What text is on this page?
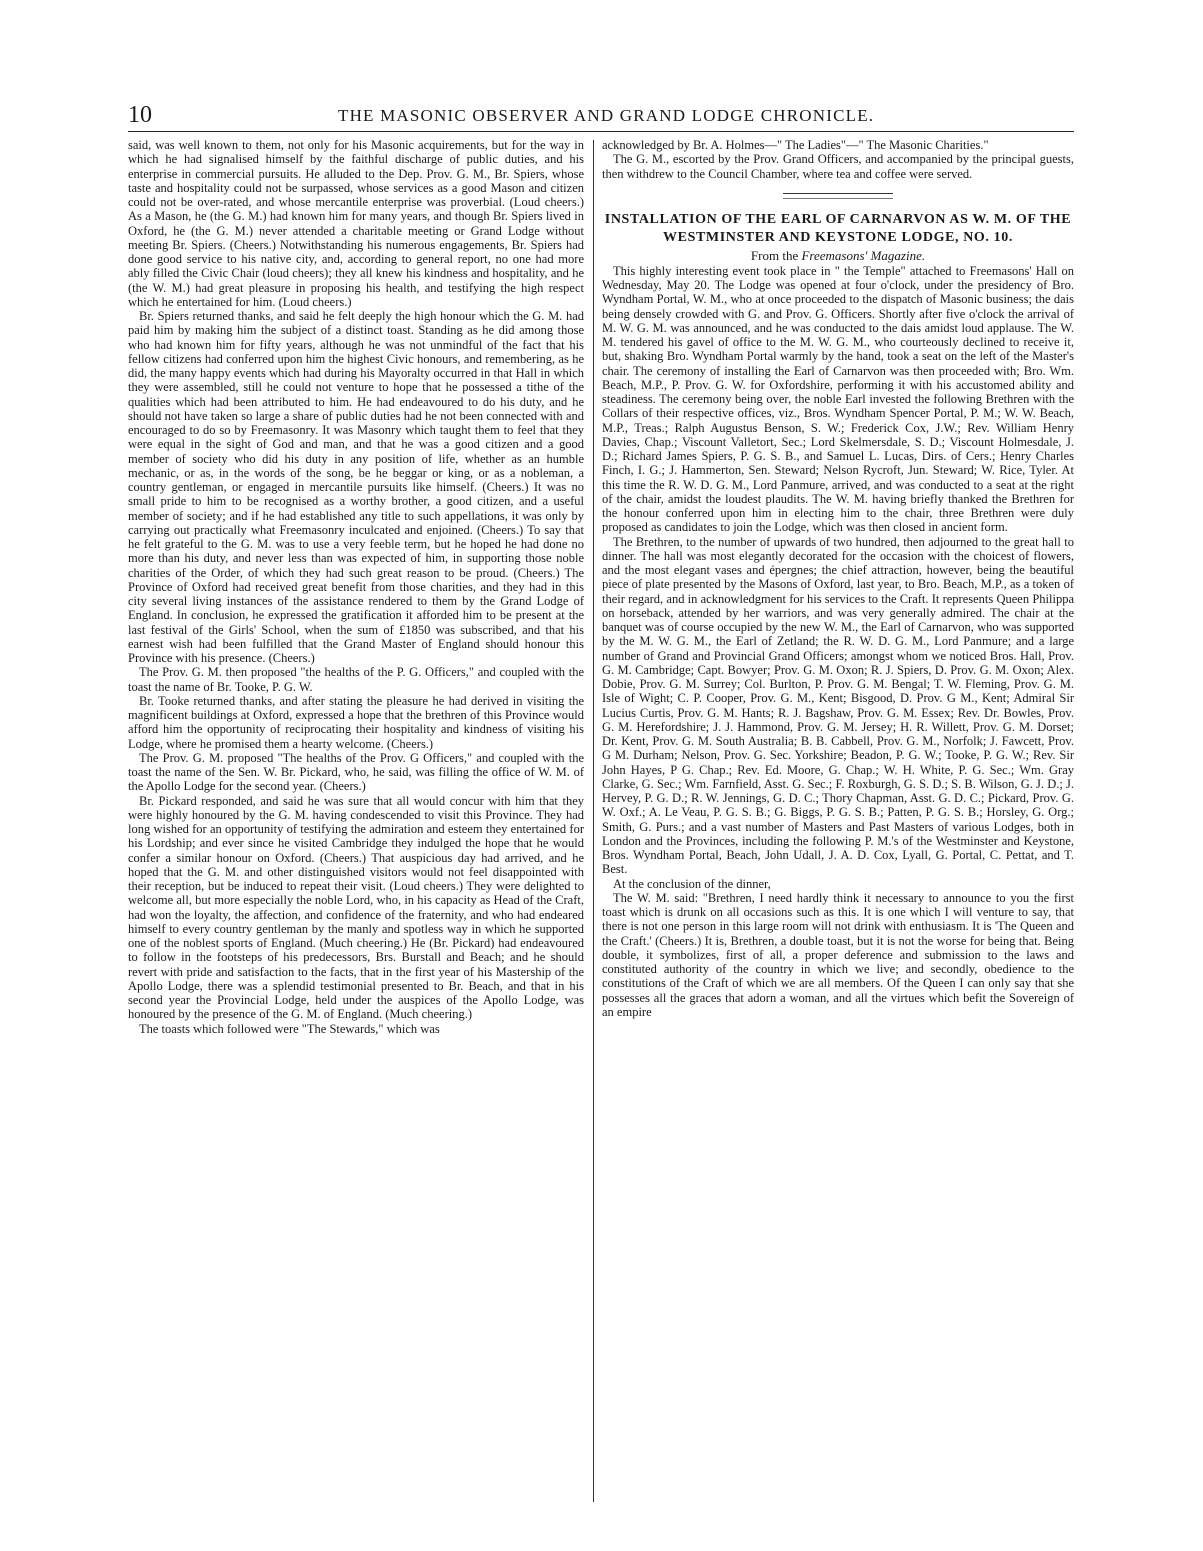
10	THE MASONIC OBSERVER AND GRAND LODGE CHRONICLE.

said, was well known to them, not only for his Masonic acquirements, but for the way in which he had signalised himself by the faithful discharge of public duties, and his enterprise in commercial pursuits. He alluded to the Dep. Prov. G. M., Br. Spiers, whose taste and hospitality could not be surpassed, whose services as a good Mason and citizen could not be over-rated, and whose mercantile enterprise was proverbial. (Loud cheers.) As a Mason, he (the G. M.) had known him for many years, and though Br. Spiers lived in Oxford, he (the G. M.) never attended a charitable meeting or Grand Lodge without meeting Br. Spiers. (Cheers.) Notwithstanding his numerous engagements, Br. Spiers had done good service to his native city, and, according to general report, no one had more ably filled the Civic Chair (loud cheers); they all knew his kindness and hospitality, and he (the W. M.) had great pleasure in proposing his health, and testifying the high respect which he entertained for him. (Loud cheers.)

Br. Spiers returned thanks, and said he felt deeply the high honour which the G. M. had paid him by making him the subject of a distinct toast. Standing as he did among those who had known him for fifty years, although he was not unmindful of the fact that his fellow citizens had conferred upon him the highest Civic honours, and remembering, as he did, the many happy events which had during his Mayoralty occurred in that Hall in which they were assembled, still he could not venture to hope that he possessed a tithe of the qualities which had been attributed to him. He had endeavoured to do his duty, and he should not have taken so large a share of public duties had he not been connected with and encouraged to do so by Freemasonry. It was Masonry which taught them to feel that they were equal in the sight of God and man, and that he was a good citizen and a good member of society who did his duty in any position of life, whether as an humble mechanic, or as, in the words of the song, be he beggar or king, or as a nobleman, a country gentleman, or engaged in mercantile pursuits like himself. (Cheers.) It was no small pride to him to be recognised as a worthy brother, a good citizen, and a useful member of society; and if he had established any title to such appellations, it was only by carrying out practically what Freemasonry inculcated and enjoined. (Cheers.) To say that he felt grateful to the G. M. was to use a very feeble term, but he hoped he had done no more than his duty, and never less than was expected of him, in supporting those noble charities of the Order, of which they had such great reason to be proud. (Cheers.) The Province of Oxford had received great benefit from those charities, and they had in this city several living instances of the assistance rendered to them by the Grand Lodge of England. In conclusion, he expressed the gratification it afforded him to be present at the last festival of the Girls' School, when the sum of £1850 was subscribed, and that his earnest wish had been fulfilled that the Grand Master of England should honour this Province with his presence. (Cheers.)

The Prov. G. M. then proposed "the healths of the P. G. Officers," and coupled with the toast the name of Br. Tooke, P. G. W.

Br. Tooke returned thanks, and after stating the pleasure he had derived in visiting the magnificent buildings at Oxford, expressed a hope that the brethren of this Province would afford him the opportunity of reciprocating their hospitality and kindness of visiting his Lodge, where he promised them a hearty welcome. (Cheers.)

The Prov. G. M. proposed "The healths of the Prov. G Officers," and coupled with the toast the name of the Sen. W. Br. Pickard, who, he said, was filling the office of W. M. of the Apollo Lodge for the second year. (Cheers.)

Br. Pickard responded, and said he was sure that all would concur with him that they were highly honoured by the G. M. having condescended to visit this Province. They had long wished for an opportunity of testifying the admiration and esteem they entertained for his Lordship; and ever since he visited Cambridge they indulged the hope that he would confer a similar honour on Oxford. (Cheers.) That auspicious day had arrived, and he hoped that the G. M. and other distinguished visitors would not feel disappointed with their reception, but be induced to repeat their visit. (Loud cheers.) They were delighted to welcome all, but more especially the noble Lord, who, in his capacity as Head of the Craft, had won the loyalty, the affection, and confidence of the fraternity, and who had endeared himself to every country gentleman by the manly and spotless way in which he supported one of the noblest sports of England. (Much cheering.) He (Br. Pickard) had endeavoured to follow in the footsteps of his predecessors, Brs. Burstall and Beach; and he should revert with pride and satisfaction to the facts, that in the first year of his Mastership of the Apollo Lodge, there was a splendid testimonial presented to Br. Beach, and that in his second year the Provincial Lodge, held under the auspices of the Apollo Lodge, was honoured by the presence of the G. M. of England. (Much cheering.)

The toasts which followed were "The Stewards," which was

acknowledged by Br. A. Holmes—" The Ladies"—" The Masonic Charities."

The G. M., escorted by the Prov. Grand Officers, and accompanied by the principal guests, then withdrew to the Council Chamber, where tea and coffee were served.

INSTALLATION OF THE EARL OF CARNARVON AS W. M. OF THE WESTMINSTER AND KEYSTONE LODGE, NO. 10.

From the Freemasons' Magazine.

This highly interesting event took place in " the Temple" attached to Freemasons' Hall on Wednesday, May 20. The Lodge was opened at four o'clock, under the presidency of Bro. Wyndham Portal, W. M., who at once proceeded to the dispatch of Masonic business; the dais being densely crowded with G. and Prov. G. Officers. Shortly after five o'clock the arrival of M. W. G. M. was announced, and he was conducted to the dais amidst loud applause. The W. M. tendered his gavel of office to the M. W. G. M., who courteously declined to receive it, but, shaking Bro. Wyndham Portal warmly by the hand, took a seat on the left of the Master's chair. The ceremony of installing the Earl of Carnarvon was then proceeded with; Bro. Wm. Beach, M.P., P. Prov. G. W. for Oxfordshire, performing it with his accustomed ability and steadiness. The ceremony being over, the noble Earl invested the following Brethren with the Collars of their respective offices, viz., Bros. Wyndham Spencer Portal, P. M.; W. W. Beach, M.P., Treas.; Ralph Augustus Benson, S. W.; Frederick Cox, J.W.; Rev. William Henry Davies, Chap.; Viscount Valletort, Sec.; Lord Skelmersdale, S. D.; Viscount Holmesdale, J. D.; Richard James Spiers, P. G. S. B., and Samuel L. Lucas, Dirs. of Cers.; Henry Charles Finch, I. G.; J. Hammerton, Sen. Steward; Nelson Rycroft, Jun. Steward; W. Rice, Tyler. At this time the R. W. D. G. M., Lord Panmure, arrived, and was conducted to a seat at the right of the chair, amidst the loudest plaudits. The W. M. having briefly thanked the Brethren for the honour conferred upon him in electing him to the chair, three Brethren were duly proposed as candidates to join the Lodge, which was then closed in ancient form.

The Brethren, to the number of upwards of two hundred, then adjourned to the great hall to dinner. The hall was most elegantly decorated for the occasion with the choicest of flowers, and the most elegant vases and épergnes; the chief attraction, however, being the beautiful piece of plate presented by the Masons of Oxford, last year, to Bro. Beach, M.P., as a token of their regard, and in acknowledgment for his services to the Craft. It represents Queen Philippa on horseback, attended by her warriors, and was very generally admired. The chair at the banquet was of course occupied by the new W. M., the Earl of Carnarvon, who was supported by the M. W. G. M., the Earl of Zetland; the R. W. D. G. M., Lord Panmure; and a large number of Grand and Provincial Grand Officers; amongst whom we noticed Bros. Hall, Prov. G. M. Cambridge; Capt. Bowyer; Prov. G. M. Oxon; R. J. Spiers, D. Prov. G. M. Oxon; Alex. Dobie, Prov. G. M. Surrey; Col. Burlton, P. Prov. G. M. Bengal; T. W. Fleming, Prov. G. M. Isle of Wight; C. P. Cooper, Prov. G. M., Kent; Bisgood, D. Prov. G M., Kent; Admiral Sir Lucius Curtis, Prov. G. M. Hants; R. J. Bagshaw, Prov. G. M. Essex; Rev. Dr. Bowles, Prov. G. M. Herefordshire; J. J. Hammond, Prov. G. M. Jersey; H. R. Willett, Prov. G. M. Dorset; Dr. Kent, Prov. G. M. South Australia; B. B. Cabbell, Prov. G. M., Norfolk; J. Fawcett, Prov. G M. Durham; Nelson, Prov. G. Sec. Yorkshire; Beadon, P. G. W.; Tooke, P. G. W.; Rev. Sir John Hayes, P G. Chap.; Rev. Ed. Moore, G. Chap.; W. H. White, P. G. Sec.; Wm. Gray Clarke, G. Sec.; Wm. Farnfield, Asst. G. Sec.; F. Roxburgh, G. S. D.; S. B. Wilson, G. J. D.; J. Hervey, P. G. D.; R. W. Jennings, G. D. C.; Thory Chapman, Asst. G. D. C.; Pickard, Prov. G. W. Oxf.; A. Le Veau, P. G. S. B.; G. Biggs, P. G. S. B.; Patten, P. G. S. B.; Horsley, G. Org.; Smith, G. Purs.; and a vast number of Masters and Past Masters of various Lodges, both in London and the Provinces, including the following P. M.'s of the Westminster and Keystone, Bros. Wyndham Portal, Beach, John Udall, J. A. D. Cox, Lyall, G. Portal, C. Pettat, and T. Best.

At the conclusion of the dinner,

The W. M. said: "Brethren, I need hardly think it necessary to announce to you the first toast which is drunk on all occasions such as this. It is one which I will venture to say, that there is not one person in this large room will not drink with enthusiasm. It is 'The Queen and the Craft.' (Cheers.) It is, Brethren, a double toast, but it is not the worse for being that. Being double, it symbolizes, first of all, a proper deference and submission to the laws and constituted authority of the country in which we live; and secondly, obedience to the constitutions of the Craft of which we are all members. Of the Queen I can only say that she possesses all the graces that adorn a woman, and all the virtues which befit the Sovereign of an empire
